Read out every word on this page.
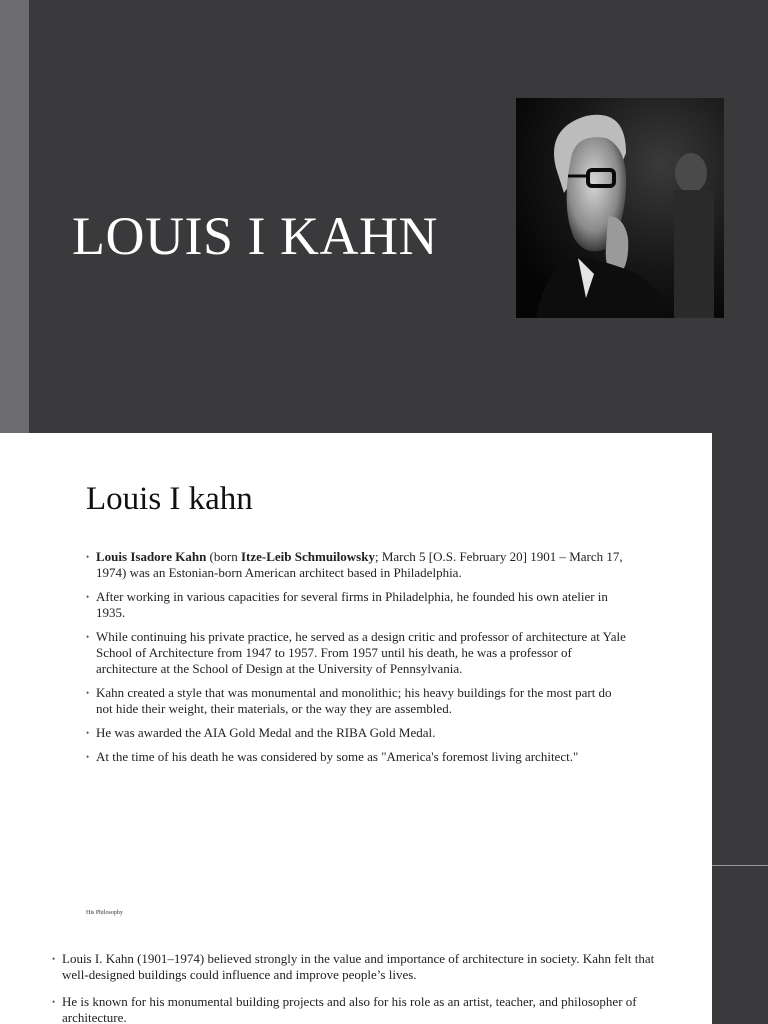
LOUIS I KAHN
Louis I kahn
• Louis Isadore Kahn (born Itze-Leib Schmuilowsky; March 5 [O.S. February 20] 1901 – March 17, 1974) was an Estonian-born American architect based in Philadelphia.
• After working in various capacities for several firms in Philadelphia, he founded his own atelier in 1935.
• While continuing his private practice, he served as a design critic and professor of architecture at Yale School of Architecture from 1947 to 1957. From 1957 until his death, he was a professor of architecture at the School of Design at the University of Pennsylvania.
• Kahn created a style that was monumental and monolithic; his heavy buildings for the most part do not hide their weight, their materials, or the way they are assembled.
• He was awarded the AIA Gold Medal and the RIBA Gold Medal.
• At the time of his death he was considered by some as "America's foremost living architect."
His Philosophy
• Louis I. Kahn (1901–1974) believed strongly in the value and importance of architecture in society. Kahn felt that well-designed buildings could influence and improve people’s lives.
• He is known for his monumental building projects and also for his role as an artist, teacher, and philosopher of architecture.
